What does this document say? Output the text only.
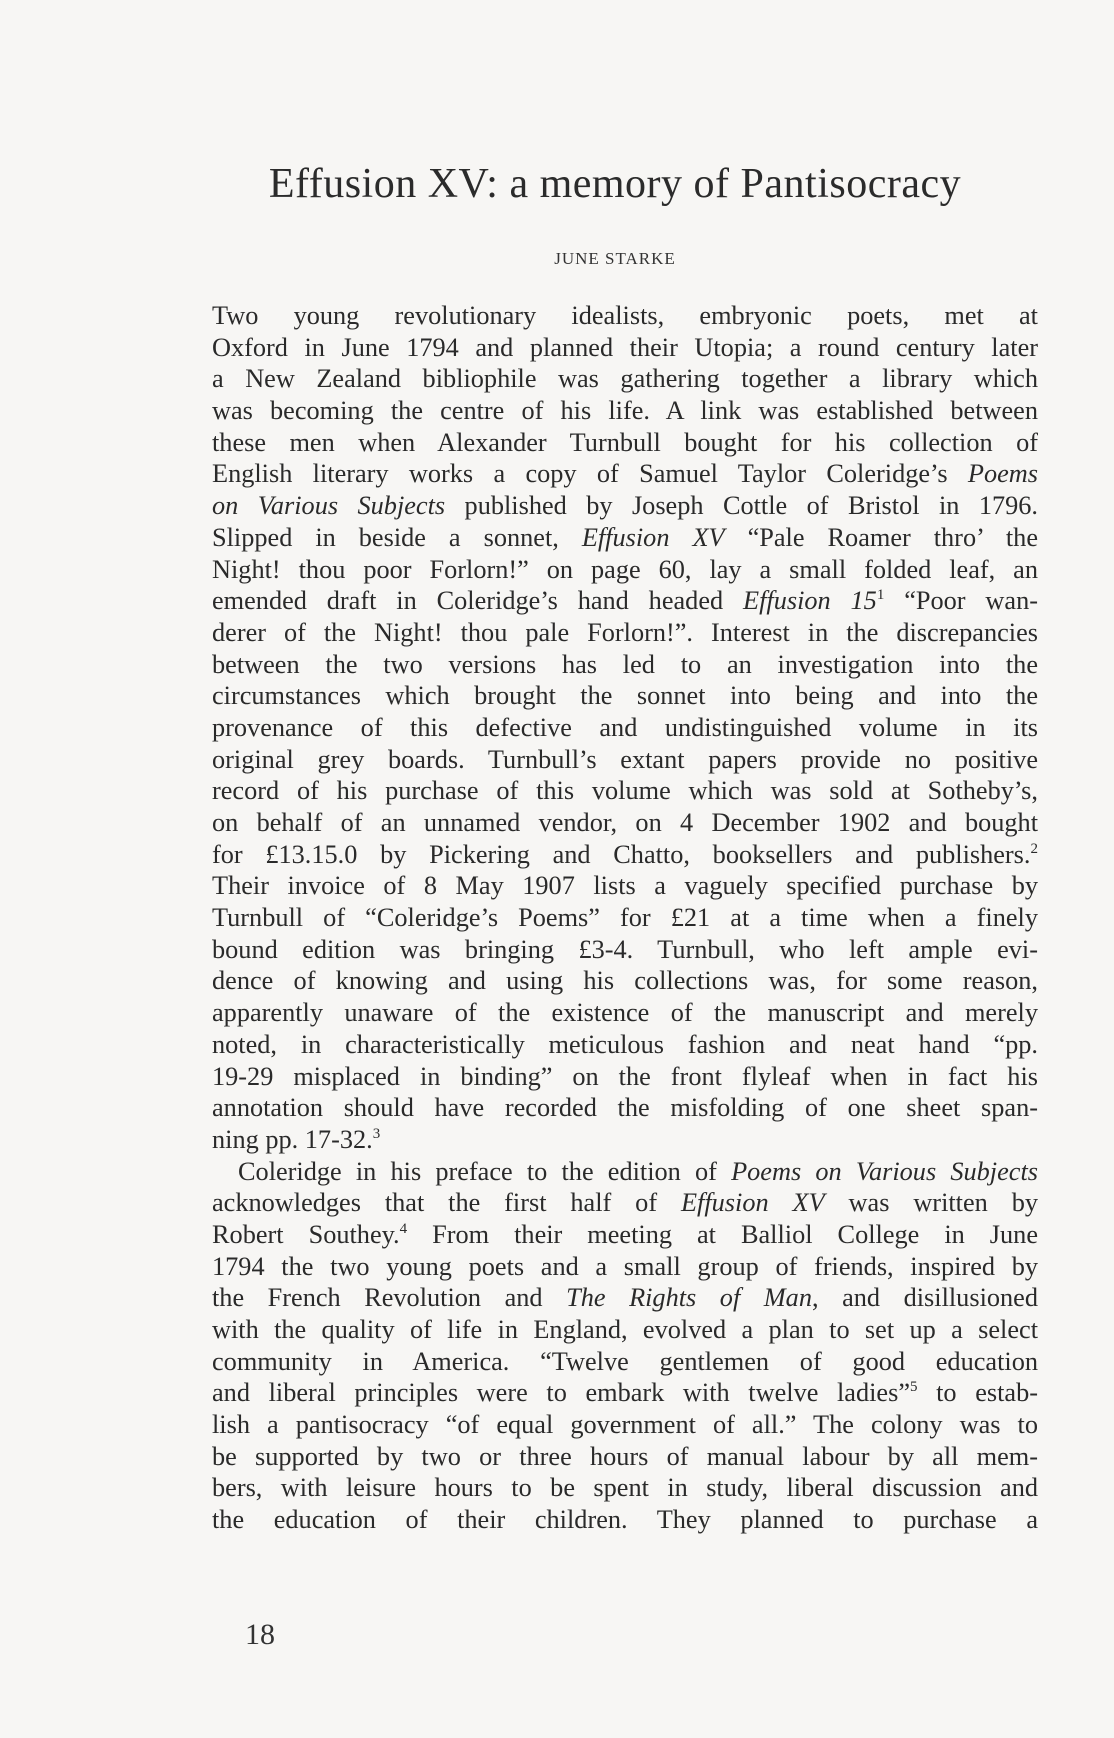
Effusion XV: a memory of Pantisocracy

JUNE STARKE

Two young revolutionary idealists, embryonic poets, met at
Oxford in June 1794 and planned their Utopia; a round century later
a New Zealand bibliophile was gathering together a library which
was becoming the centre of his life. A link was established between
these men when Alexander Turnbull bought for his collection of
English literary works a copy of Samuel Taylor Coleridge’s Poems
on Various Subjects published by Joseph Cottle of Bristol in 1796.
Slipped in beside a sonnet, Effusion XV “Pale Roamer thro’ the
Night! thou poor Forlorn!” on page 60, lay a small folded leaf, an
emended draft in Coleridge’s hand headed Effusion $15^1$ “Poor wan-
derer of the Night! thou pale Forlorn!”. Interest in the discrepancies
between the two versions has led to an investigation into the
circumstances which brought the sonnet into being and into the
provenance of this defective and undistinguished volume in its
original grey boards. Turnbull’s extant papers provide no positive
record of his purchase of this volume which was sold at Sotheby’s,
on behalf of an unnamed vendor, on 4 December 1902 and bought
for £13.15.0 by Pickering and Chatto, booksellers and publishers.$^2$
Their invoice of 8 May 1907 lists a vaguely specified purchase by
Turnbull of “Coleridge’s Poems” for £21 at a time when a finely
bound edition was bringing £3-4. Turnbull, who left ample evi-
dence of knowing and using his collections was, for some reason,
apparently unaware of the existence of the manuscript and merely
noted, in characteristically meticulous fashion and neat hand “pp.
19-29 misplaced in binding” on the front flyleaf when in fact his
annotation should have recorded the misfolding of one sheet span-
ning pp. 17-32.$^3$
Coleridge in his preface to the edition of Poems on Various Subjects
acknowledges that the first half of Effusion XV was written by
Robert Southey.$^4$ From their meeting at Balliol College in June
1794 the two young poets and a small group of friends, inspired by
the French Revolution and The Rights of Man, and disillusioned
with the quality of life in England, evolved a plan to set up a select
community in America. “Twelve gentlemen of good education
and liberal principles were to embark with twelve ladies”$^5$ to estab-
lish a pantisocracy “of equal government of all.” The colony was to
be supported by two or three hours of manual labour by all mem-
bers, with leisure hours to be spent in study, liberal discussion and
the education of their children. They planned to purchase a

18
